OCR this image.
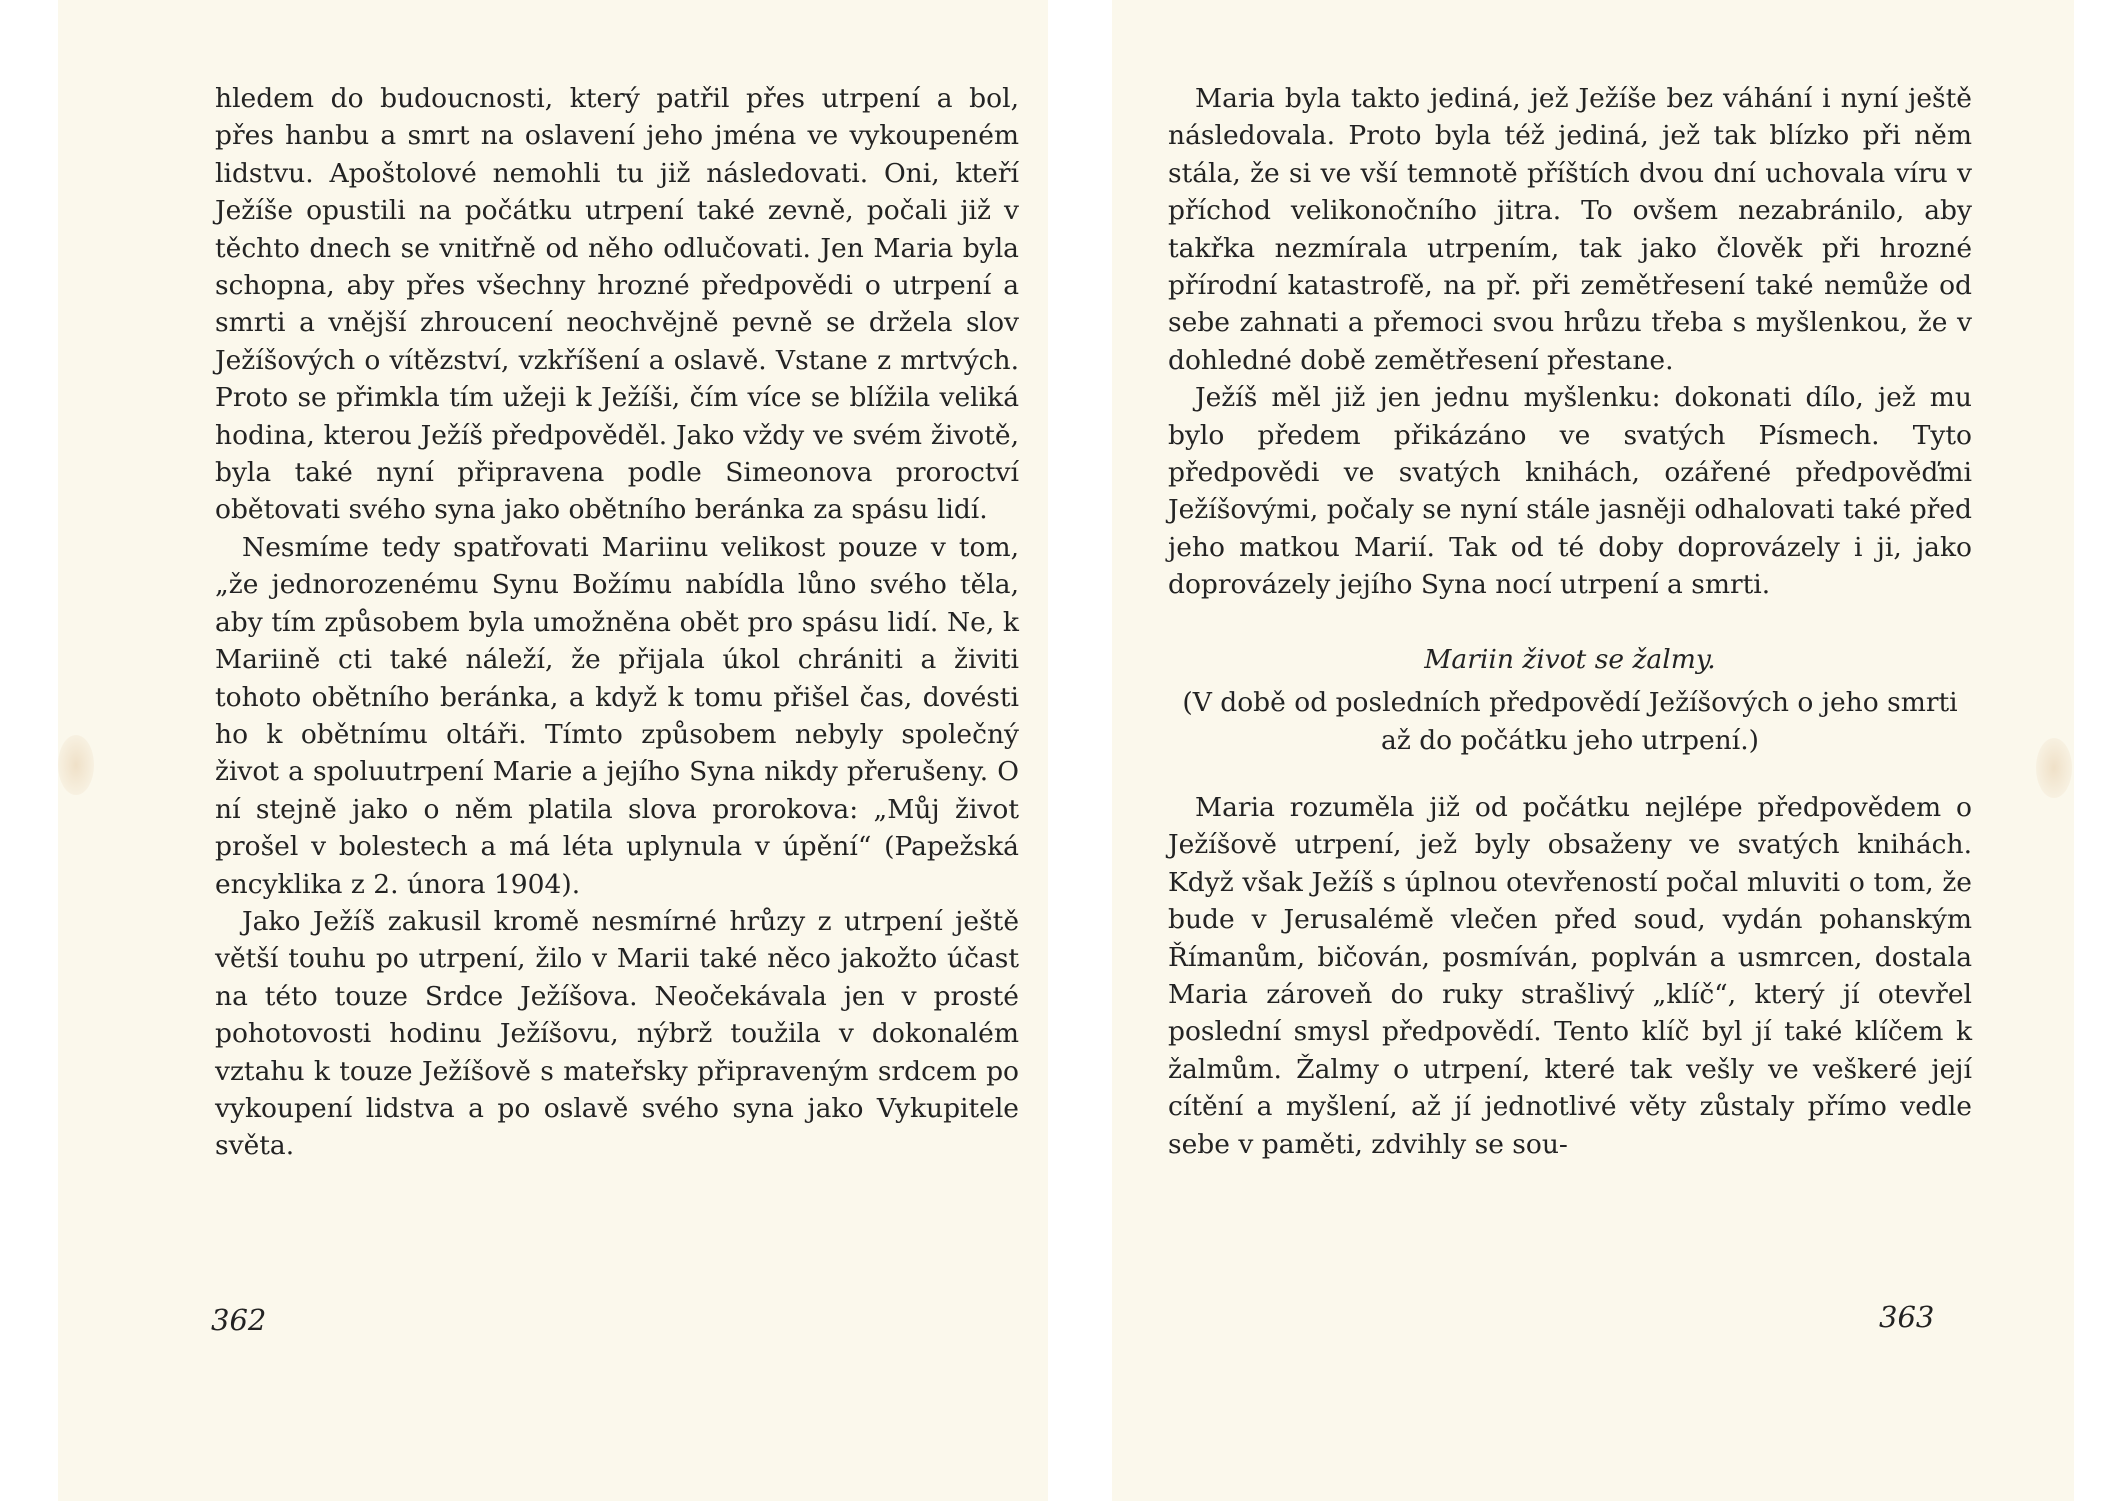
hledem do budoucnosti, který patřil přes utrpení a bol, přes hanbu a smrt na oslavení jeho jména ve vykoupeném lidstvu. Apoštolové nemohli tu již následovati. Oni, kteří Ježíše opustili na počátku utrpení také zevně, počali již v těchto dnech se vnitřně od něho odlučovati. Jen Maria byla schopna, aby přes všechny hrozné předpovědi o utrpení a smrti a vnější zhroucení neochvějně pevně se držela slov Ježíšových o vítězství, vzkříšení a oslavě. Vstane z mrtvých. Proto se přimkla tím užeji k Ježíši, čím více se blížila veliká hodina, kterou Ježíš předpověděl. Jako vždy ve svém životě, byla také nyní připravena podle Simeonova proroctví obětovati svého syna jako obětního beránka za spásu lidí.

Nesmíme tedy spatřovati Mariinu velikost pouze v tom, „že jednorozenému Synu Božímu nabídla lůno svého těla, aby tím způsobem byla umožněna obět pro spásu lidí. Ne, k Mariině cti také náleží, že přijala úkol chrániti a živiti tohoto obětního beránka, a když k tomu přišel čas, dovésti ho k obětnímu oltáři. Tímto způsobem nebyly společný život a spoluutrpení Marie a jejího Syna nikdy přerušeny. O ní stejně jako o něm platila slova prorokova: „Můj život prošel v bolestech a má léta uplynula v úpění“ (Papežská encyklika z 2. února 1904).

Jako Ježíš zakusil kromě nesmírné hrůzy z utrpení ještě větší touhu po utrpení, žilo v Marii také něco jakožto účast na této touze Srdce Ježíšova. Neočekávala jen v prosté pohotovosti hodinu Ježíšovu, nýbrž toužila v dokonalém vztahu k touze Ježíšově s mateřsky připraveným srdcem po vykoupení lidstva a po oslavě svého syna jako Vykupitele světa.

362

Maria byla takto jediná, jež Ježíše bez váhání i nyní ještě následovala. Proto byla též jediná, jež tak blízko při něm stála, že si ve vší temnotě příštích dvou dní uchovala víru v příchod velikonočního jitra. To ovšem nezabránilo, aby takřka nezmírala utrpením, tak jako člověk při hrozné přírodní katastrofě, na př. při zemětřesení také nemůže od sebe zahnati a přemoci svou hrůzu třeba s myšlenkou, že v dohledné době zemětřesení přestane.

Ježíš měl již jen jednu myšlenku: dokonati dílo, jež mu bylo předem přikázáno ve svatých Písmech. Tyto předpovědi ve svatých knihách, ozářené předpověďmi Ježíšovými, počaly se nyní stále jasněji odhalovati také před jeho matkou Marií. Tak od té doby doprovázely i ji, jako doprovázely jejího Syna nocí utrpení a smrti.

Mariin život se žalmy.

(V době od posledních předpovědí Ježíšových o jeho smrti až do počátku jeho utrpení.)

Maria rozuměla již od počátku nejlépe předpovědem o Ježíšově utrpení, jež byly obsaženy ve svatých knihách. Když však Ježíš s úplnou otevřeností počal mluviti o tom, že bude v Jerusalémě vlečen před soud, vydán pohanským Římanům, bičován, posmíván, poplván a usmrcen, dostala Maria zároveň do ruky strašlivý „klíč“, který jí otevřel poslední smysl předpovědí. Tento klíč byl jí také klíčem k žalmům. Žalmy o utrpení, které tak vešly ve veškeré její cítění a myšlení, až jí jednotlivé věty zůstaly přímo vedle sebe v paměti, zdvihly se sou-

363
